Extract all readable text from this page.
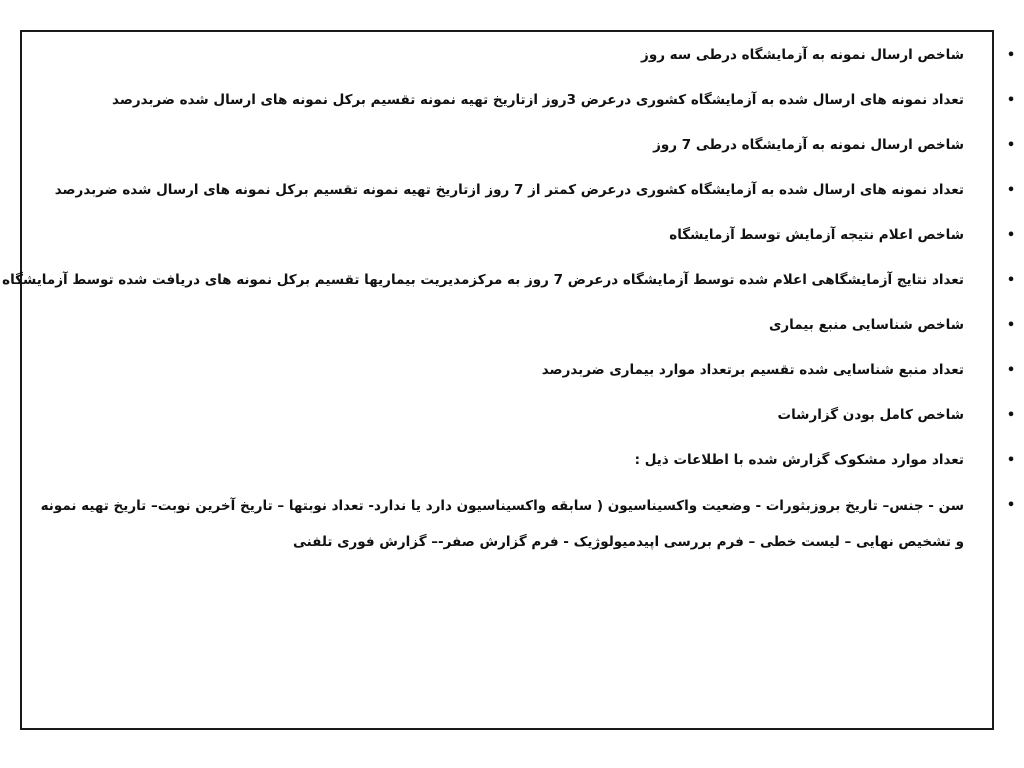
•
شاخص ارسال نمونه به آزمایشگاه درطی سه روز
•
تعداد نمونه های ارسال شده به آزمایشگاه کشوری درعرض 3روز ازتاریخ تهیه نمونه تقسیم برکل نمونه های ارسال شده ضربدرصد
•
شاخص ارسال نمونه به آزمایشگاه درطی 7 روز
•
تعداد نمونه های ارسال شده به آزمایشگاه کشوری درعرض کمتر از 7 روز ازتاریخ تهیه نمونه تقسیم برکل نمونه های ارسال شده ضربدرصد
•
شاخص اعلام نتیجه آزمایش توسط آزمایشگاه
•
تعداد نتایج آزمایشگاهی اعلام شده توسط آزمایشگاه درعرض 7 روز به مرکزمدیریت بیماریها تقسیم برکل نمونه های دریافت شده توسط آزمایشگاه
•
شاخص شناسایی منبع بیماری
•
تعداد منبع شناسایی شده تقسیم برتعداد موارد بیماری ضربدرصد
•
شاخص کامل بودن گزارشات
•
تعداد موارد مشکوک گزارش شده با اطلاعات ذیل :
•
سن - جنس– تاریخ بروزبثورات - وضعیت واکسیناسیون ( سابقه واکسیناسیون دارد یا ندارد- تعداد نوبتها – تاریخ آخرین نوبت– تاریخ تهیه نمونه و تشخیص نهایی – لیست خطی – فرم بررسی اپیدمیولوژیک - فرم گزارش صفر-– گزارش فوری تلفنی
